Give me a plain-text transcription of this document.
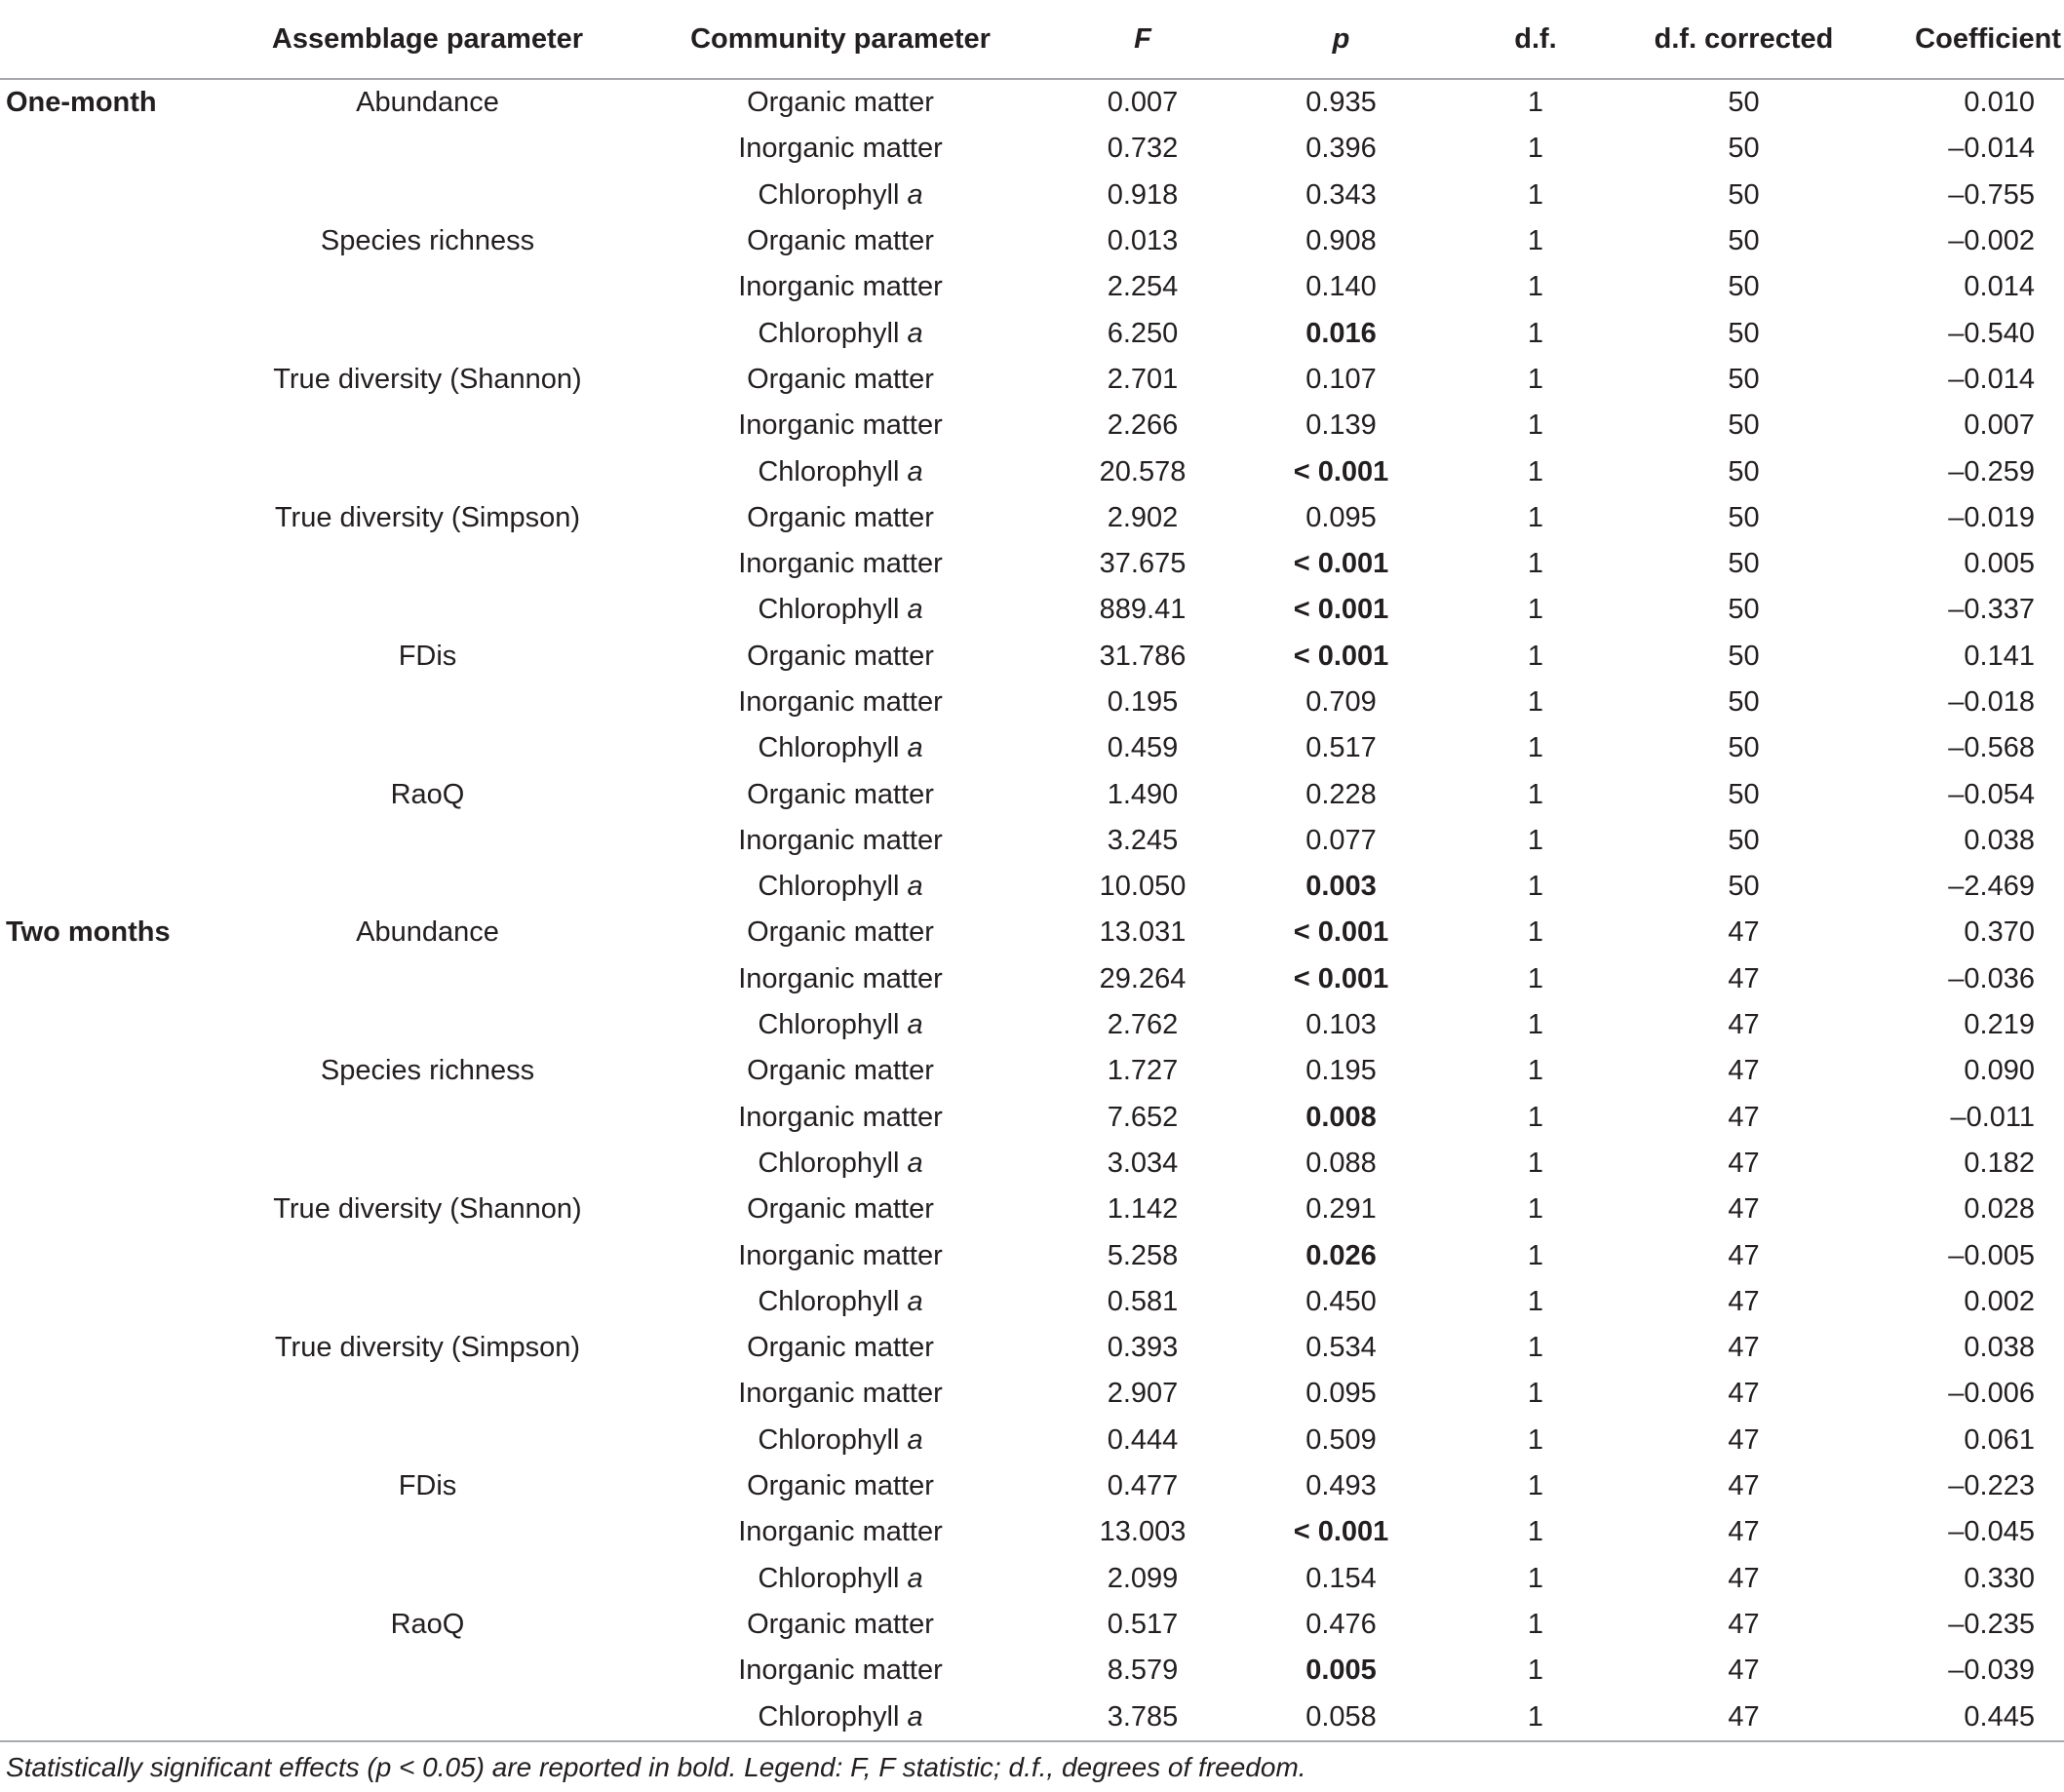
	Assemblage parameter	Community parameter	F	p	d.f.	d.f. corrected	Coefficient
One-month	Abundance	Organic matter	0.007	0.935	1	50	0.010
		Inorganic matter	0.732	0.396	1	50	–0.014
		Chlorophyll a	0.918	0.343	1	50	–0.755
	Species richness	Organic matter	0.013	0.908	1	50	–0.002
		Inorganic matter	2.254	0.140	1	50	0.014
		Chlorophyll a	6.250	0.016	1	50	–0.540
	True diversity (Shannon)	Organic matter	2.701	0.107	1	50	–0.014
		Inorganic matter	2.266	0.139	1	50	0.007
		Chlorophyll a	20.578	< 0.001	1	50	–0.259
	True diversity (Simpson)	Organic matter	2.902	0.095	1	50	–0.019
		Inorganic matter	37.675	< 0.001	1	50	0.005
		Chlorophyll a	889.41	< 0.001	1	50	–0.337
	FDis	Organic matter	31.786	< 0.001	1	50	0.141
		Inorganic matter	0.195	0.709	1	50	–0.018
		Chlorophyll a	0.459	0.517	1	50	–0.568
	RaoQ	Organic matter	1.490	0.228	1	50	–0.054
		Inorganic matter	3.245	0.077	1	50	0.038
		Chlorophyll a	10.050	0.003	1	50	–2.469
Two months	Abundance	Organic matter	13.031	< 0.001	1	47	0.370
		Inorganic matter	29.264	< 0.001	1	47	–0.036
		Chlorophyll a	2.762	0.103	1	47	0.219
	Species richness	Organic matter	1.727	0.195	1	47	0.090
		Inorganic matter	7.652	0.008	1	47	–0.011
		Chlorophyll a	3.034	0.088	1	47	0.182
	True diversity (Shannon)	Organic matter	1.142	0.291	1	47	0.028
		Inorganic matter	5.258	0.026	1	47	–0.005
		Chlorophyll a	0.581	0.450	1	47	0.002
	True diversity (Simpson)	Organic matter	0.393	0.534	1	47	0.038
		Inorganic matter	2.907	0.095	1	47	–0.006
		Chlorophyll a	0.444	0.509	1	47	0.061
	FDis	Organic matter	0.477	0.493	1	47	–0.223
		Inorganic matter	13.003	< 0.001	1	47	–0.045
		Chlorophyll a	2.099	0.154	1	47	0.330
	RaoQ	Organic matter	0.517	0.476	1	47	–0.235
		Inorganic matter	8.579	0.005	1	47	–0.039
		Chlorophyll a	3.785	0.058	1	47	0.445
Statistically significant effects (p < 0.05) are reported in bold. Legend: F, F statistic; d.f., degrees of freedom.
